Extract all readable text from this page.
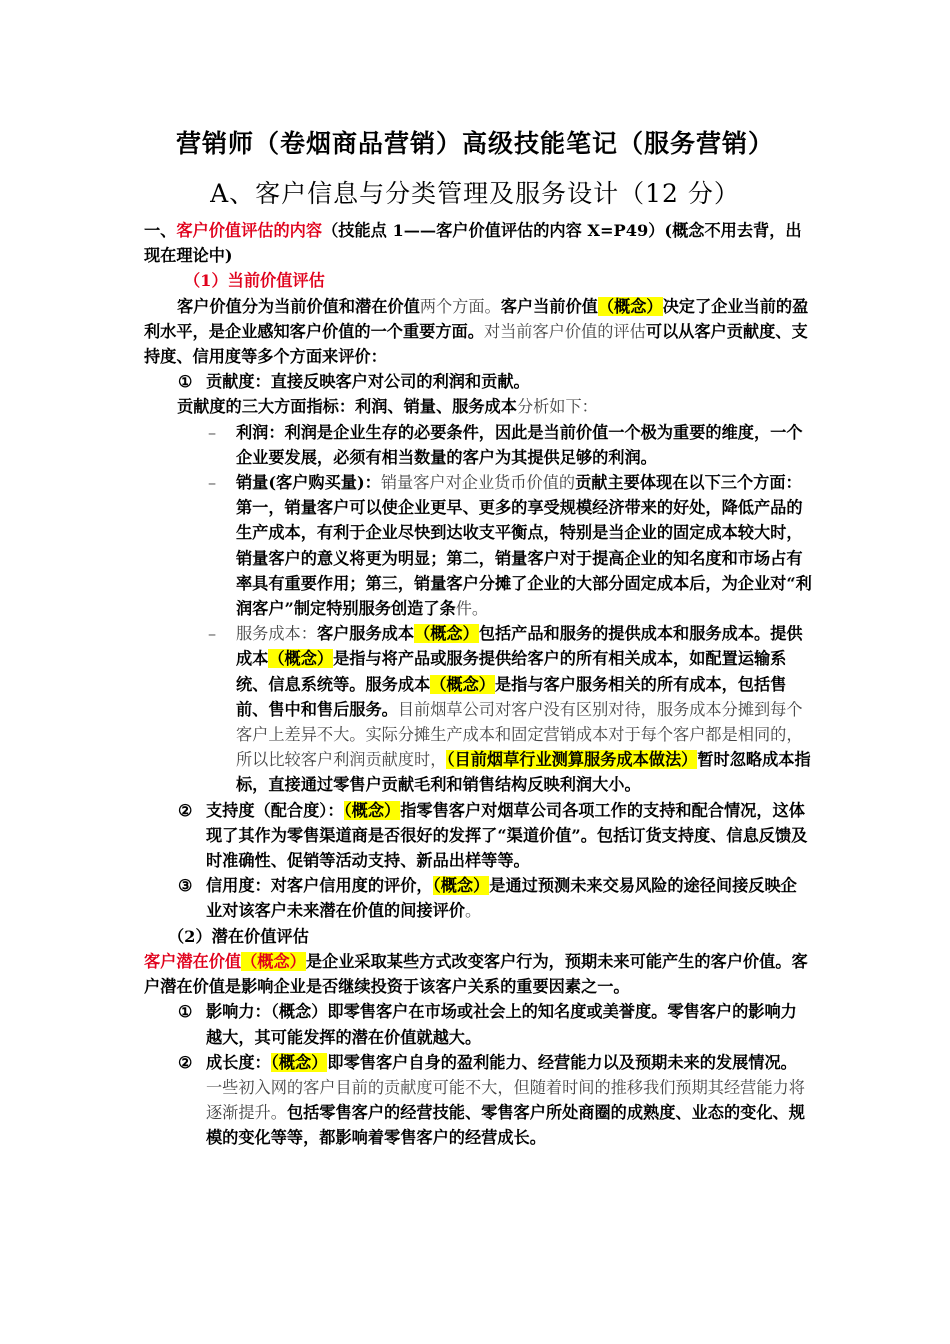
营销师（卷烟商品营销）高级技能笔记（服务营销）
A、客户信息与分类管理及服务设计（12 分）

一、客户价值评估的内容（技能点 1——客户价值评估的内容 X=P49）(概念不用去背，出现在理论中)

（1）当前价值评估

客户价值分为当前价值和潜在价值两个方面。客户当前价值（概念）决定了企业当前的盈利水平，是企业感知客户价值的一个重要方面。对当前客户价值的评估可以从客户贡献度、支持度、信用度等多个方面来评价：

① 贡献度：直接反映客户对公司的利润和贡献。

贡献度的三大方面指标：利润、销量、服务成本分析如下：

– 利润：利润是企业生存的必要条件，因此是当前价值一个极为重要的维度，一个企业要发展，必须有相当数量的客户为其提供足够的利润。

– 销量(客户购买量)：销量客户对企业货币价值的贡献主要体现在以下三个方面：第一，销量客户可以使企业更早、更多的享受规模经济带来的好处，降低产品的生产成本，有利于企业尽快到达收支平衡点，特别是当企业的固定成本较大时，销量客户的意义将更为明显；第二，销量客户对于提高企业的知名度和市场占有率具有重要作用；第三，销量客户分摊了企业的大部分固定成本后，为企业对“利润客户”制定特别服务创造了条件。

– 服务成本：客户服务成本（概念）包括产品和服务的提供成本和服务成本。提供成本（概念）是指与将产品或服务提供给客户的所有相关成本，如配置运输系统、信息系统等。服务成本（概念）是指与客户服务相关的所有成本，包括售前、售中和售后服务。目前烟草公司对客户没有区别对待，服务成本分摊到每个客户上差异不大。实际分摊生产成本和固定营销成本对于每个客户都是相同的，所以比较客户利润贡献度时，（目前烟草行业测算服务成本做法）暂时忽略成本指标，直接通过零售户贡献毛利和销售结构反映利润大小。

② 支持度（配合度）：（概念）指零售客户对烟草公司各项工作的支持和配合情况，这体现了其作为零售渠道商是否很好的发挥了“渠道价值”。包括订货支持度、信息反馈及时准确性、促销等活动支持、新品出样等等。

③ 信用度：对客户信用度的评价，（概念）是通过预测未来交易风险的途径间接反映企业对该客户未来潜在价值的间接评价。

（2）潜在价值评估

客户潜在价值（概念）是企业采取某些方式改变客户行为，预期未来可能产生的客户价值。客户潜在价值是影响企业是否继续投资于该客户关系的重要因素之一。

① 影响力：（概念）即零售客户在市场或社会上的知名度或美誉度。零售客户的影响力越大，其可能发挥的潜在价值就越大。

② 成长度：（概念）即零售客户自身的盈利能力、经营能力以及预期未来的发展情况。一些初入网的客户目前的贡献度可能不大，但随着时间的推移我们预期其经营能力将逐渐提升。包括零售客户的经营技能、零售客户所处商圈的成熟度、业态的变化、规模的变化等等，都影响着零售客户的经营成长。
